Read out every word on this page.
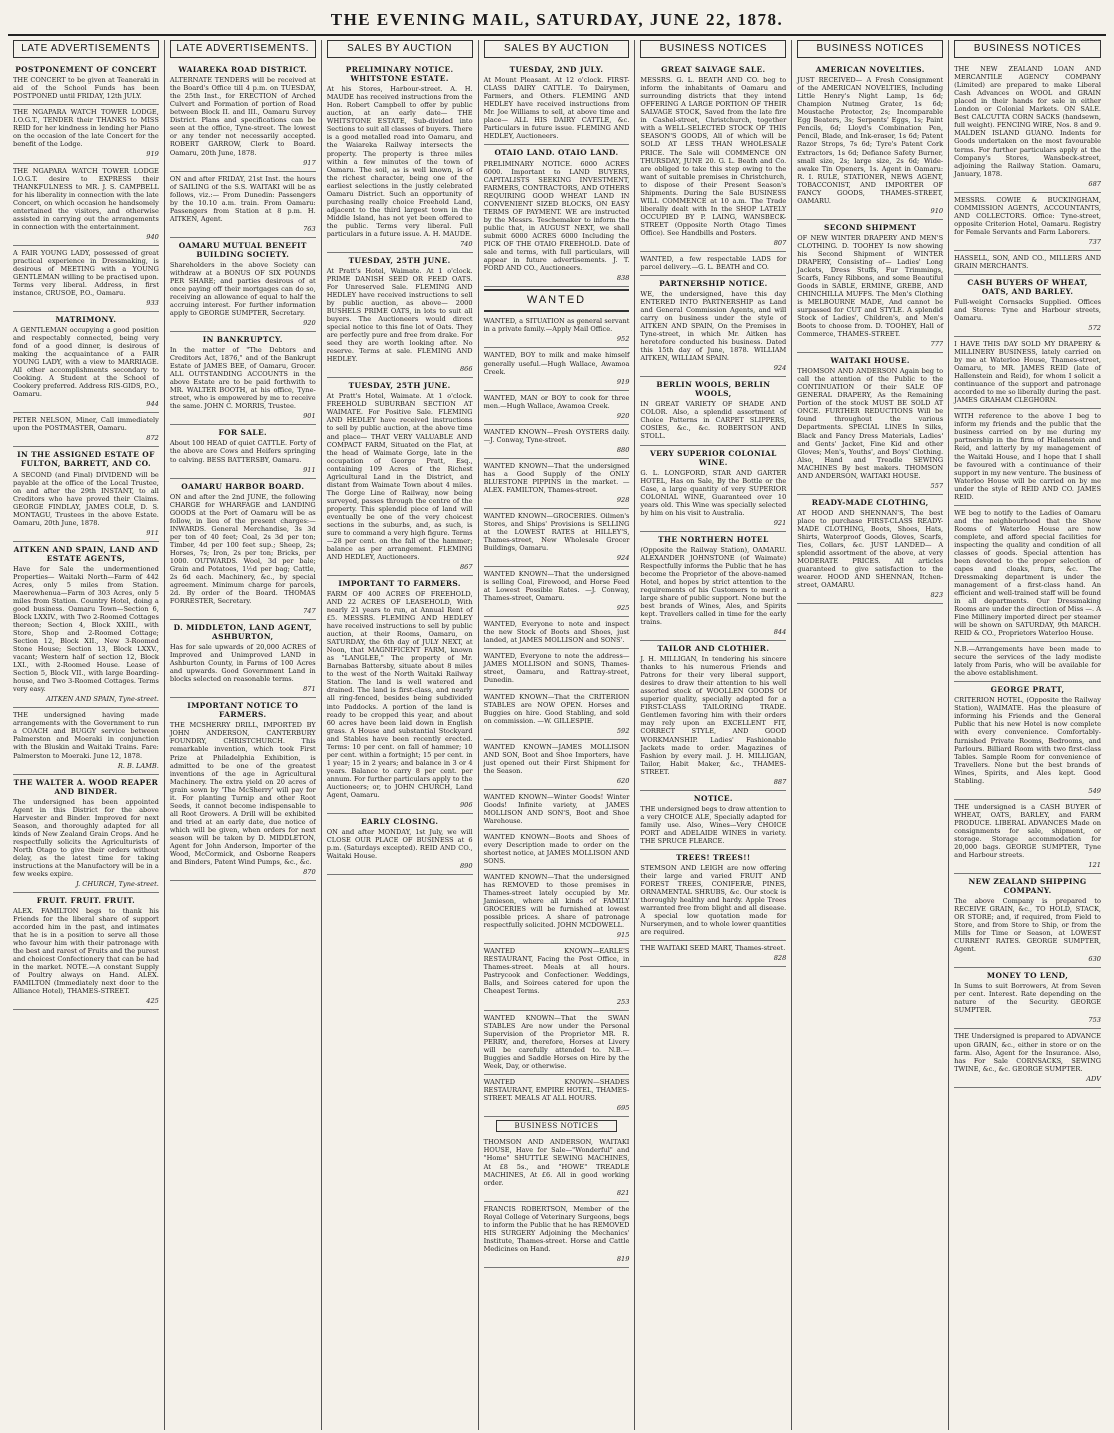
THE EVENING MAIL, SATURDAY, JUNE 22, 1878.
LATE ADVERTISEMENTS
POSTPONEMENT OF CONCERT
THE CONCERT to be given at Teaneraki in aid of the School Funds has been POSTPONED until FRIDAY, 12th JULY.
THE NGAPARA WATCH TOWER LODGE, I.O.G.T., TENDER their THANKS to MISS REID for her kindness in lending her Piano on the occasion of the late Concert for the benefit of the Lodge.
919
THE NGAPARA WATCH TOWER LODGE I.O.G.T. desire to EXPRESS their THANKFULNESS to MR. J. S. CAMPBELL for his liberality in connection with the late Concert, on which occasion he handsomely entertained the visitors, and otherwise assisted in carrying out the arrangements in connection with the entertainment.
940
A FAIR YOUNG LADY, possessed of great practical experience in Dressmaking, is desirous of MEETING with a YOUNG GENTLEMAN willing to be practised upon. Terms very liberal. Address, in first instance, CRUSOE, P.O., Oamaru.
933
MATRIMONY.
A GENTLEMAN occupying a good position and respectably connected, being very fond of a good dinner, is desirous of making the acquaintance of a FAIR YOUNG LADY, with a view to MARRIAGE. All other accomplishments secondary to Cooking. A Student at the School of Cookery preferred. Address RIS-GIDS, P.O., Oamaru.
944
PETER NELSON, Miner, Call immediately upon the POSTMASTER, Oamaru.
872
IN THE ASSIGNED ESTATE OF FULTON, BARRETT, AND CO.
A SECOND (and Final) DIVIDEND will be payable at the office of the Local Trustee, on and after the 29th INSTANT, to all Creditors who have proved their Claims. GEORGE FINDLAY, JAMES COLE, D. S. MONTAGU, Trustees in the above Estate. Oamaru, 20th June, 1878.
911
AITKEN AND SPAIN, LAND AND ESTATE AGENTS,
Have for Sale the undermentioned Properties— Waitaki North—Farm of 442 Acres, only 5 miles from Station. Maerewhenua—Farm of 303 Acres, only 5 miles from Station. Country Hotel, doing a good business. Oamaru Town—Section 6, Block LXXIV., with Two 2-Roomed Cottages thereon; Section 4, Block XXIII., with Store, Shop and 2-Roomed Cottage; Section 12, Block XII., New 3-Roomed Stone House; Section 13, Block LXXV., vacant; Western half of section 12, Block LXI., with 2-Roomed House. Lease of Section 5, Block VII., with large Boarding-house, and Two 3-Roomed Cottages. Terms very easy.
AITKEN AND SPAIN, Tyne-street.
THE undersigned having made arrangements with the Government to run a COACH and BUGGY service between Palmerston and Moeraki in conjunction with the Bluskin and Waitaki Trains. Fare: Palmerston to Moeraki. June 12, 1878.
R. B. LAMB.
THE WALTER A. WOOD REAPER AND BINDER.
The undersigned has been appointed Agent in this District for the above Harvester and Binder. Improved for next Season, and thoroughly adapted for all kinds of New Zealand Grain Crops. And he respectfully solicits the Agriculturists of North Otago to give their orders without delay, as the latest time for taking instructions at the Manufactory will be in a few weeks expire.
J. CHURCH, Tyne-street.
FRUIT. FRUIT. FRUIT.
ALEX. FAMILTON begs to thank his Friends for the liberal share of support accorded him in the past, and intimates that he is in a position to serve all those who favour him with their patronage with the best and rarest of Fruits and the purest and choicest Confectionery that can be had in the market. NOTE.—A constant Supply of Poultry always on Hand. ALEX. FAMILTON (Immediately next door to the Alliance Hotel), THAMES-STREET.
425
LATE ADVERTISEMENTS.
WAIAREKA ROAD DISTRICT.
ALTERNATE TENDERS will be received at the Board's Office till 4 p.m. on TUESDAY, the 25th Inst., for ERECTION of Arched Culvert and Formation of portion of Road between Block II. and III., Oamaru Survey District. Plans and specifications can be seen at the office, Tyne-street. The lowest or any tender not necessarily accepted. ROBERT GARROW, Clerk to Board. Oamaru, 20th June, 1878.
917
ON and after FRIDAY, 21st Inst. the hours of SAILING of the S.S. WAITAKI will be as follows, viz.:— From Dunedin: Passengers by the 10.10 a.m. train. From Oamaru: Passengers from Station at 8 p.m. H. AITKEN, Agent.
763
OAMARU MUTUAL BENEFIT BUILDING SOCIETY.
Shareholders in the above Society can withdraw at a BONUS OF SIX POUNDS PER SHARE; and parties desirous of at once paying off their mortgages can do so, receiving an allowance of equal to half the accruing interest. For further information apply to GEORGE SUMPTER, Secretary.
920
IN BANKRUPTCY.
In the matter of "The Debtors and Creditors Act, 1876," and of the Bankrupt Estate of JAMES BEE, of Oamaru, Grocer. ALL OUTSTANDING ACCOUNTS in the above Estate are to be paid forthwith to MR. WALTER BOOTH, at his office, Tyne-street, who is empowered by me to receive the same. JOHN C. MORRIS, Trustee.
901
FOR SALE.
About 100 HEAD of quiet CATTLE. Forty of the above are Cows and Heifers springing to calving. BESS BATTERSBY, Oamaru.
911
OAMARU HARBOR BOARD.
ON and after the 2nd JUNE, the following CHARGE for WHARFAGE and LANDING GOODS at the Port of Oamaru will be as follow, in lieu of the present charges:— INWARDS. General Merchandise, 3s 3d per ton of 40 feet; Coal, 2s 3d per ton; Timber, 4d per 100 feet sup.; Sheep, 2s; Horses, 7s; Iron, 2s per ton; Bricks, per 1000. OUTWARDS. Wool, 3d per bale; Grain and Potatoes, 1½d per bag; Cattle, 2s 6d each. Machinery, &c., by special agreement. Minimum charge for parcels, 2d. By order of the Board. THOMAS FORRESTER, Secretary.
747
D. MIDDLETON, LAND AGENT, ASHBURTON,
Has for sale upwards of 20,000 ACRES of Improved and Unimproved LAND in Ashburton County, in Farms of 100 Acres and upwards. Good Government Land in blocks selected on reasonable terms.
871
IMPORTANT NOTICE TO FARMERS.
THE MCSHERRY DRILL, IMPORTED BY JOHN ANDERSON, CANTERBURY FOUNDRY, CHRISTCHURCH. This remarkable invention, which took First Prize at Philadelphia Exhibition, is admitted to be one of the greatest inventions of the age in Agricultural Machinery. The extra yield on 20 acres of grain sown by 'The McSherry' will pay for it. For planting Turnip and other Root Seeds, it cannot become indispensable to all Root Growers. A Drill will be exhibited and tried at an early date, due notice of which will be given, when orders for next season will be taken by D. MIDDLETON, Agent for John Anderson, Importer of the Wood, McCormick, and Osborne Reapers and Binders, Patent Wind Pumps, &c., &c.
870
SALES BY AUCTION
PRELIMINARY NOTICE. WHITSTONE ESTATE.
At his Stores, Harbour-street. A. H. MAUDE has received instructions from the Hon. Robert Campbell to offer by public auction, at an early date— THE WHITSTONE ESTATE, Sub-divided into Sections to suit all classes of buyers. There is a good metalled road into Oamaru, and the Waiareka Railway intersects the property. The property is three miles within a few minutes of the town of Oamaru. The soil, as is well known, is of the richest character, being one of the earliest selections in the justly celebrated Oamaru District. Such an opportunity of purchasing really choice Freehold Land, adjacent to the third largest town in the Middle Island, has not yet been offered to the public. Terms very liberal. Full particulars in a future issue. A. H. MAUDE.
740
TUESDAY, 25TH JUNE.
At Pratt's Hotel, Waimate. At 1 o'clock. PRIME DANISH SEED OR FEED OATS. For Unreserved Sale. FLEMING AND HEDLEY have received instructions to sell by public auction, as above— 2000 BUSHELS PRIME OATS, in lots to suit all buyers. The Auctioneers would direct special notice to this fine lot of Oats. They are perfectly pure and free from drake. For seed they are worth looking after. No reserve. Terms at sale. FLEMING AND HEDLEY.
866
TUESDAY, 25TH JUNE.
At Pratt's Hotel, Waimate. At 1 o'clock. FREEHOLD SUBURBAN SECTION AT WAIMATE. For Positive Sale. FLEMING AND HEDLEY have received instructions to sell by public auction, at the above time and place— THAT VERY VALUABLE AND COMPACT FARM, Situated on the Flat, at the head of Waimate Gorge, late in the occupation of George Pratt, Esq., containing 109 Acres of the Richest Agricultural Land in the District, and distant from Waimate Town about 4 miles. The Gorge Line of Railway, now being surveyed, passes through the centre of the property. This splendid piece of land will eventually be one of the very choicest sections in the suburbs, and, as such, is sure to command a very high figure. Terms—28 per cent. on the fall of the hammer; balance as per arrangement. FLEMING AND HEDLEY, Auctioneers.
867
IMPORTANT TO FARMERS.
FARM OF 400 ACRES OF FREEHOLD, AND 22 ACRES OF LEASEHOLD, With nearly 21 years to run, at Annual Rent of £5. MESSRS. FLEMING AND HEDLEY have received instructions to sell by public auction, at their Rooms, Oamaru, on SATURDAY, the 6th day of JULY NEXT, at Noon, that MAGNIFICENT FARM, known as "LANGLEE," The property of Mr. Barnabas Battersby, situate about 8 miles to the west of the North Waitaki Railway Station. The land is well watered and drained. The land is first-class, and nearly all ring-fenced, besides being subdivided into Paddocks. A portion of the land is ready to be cropped this year, and about 60 acres have been laid down in English grass. A House and substantial Stockyard and Stables have been recently erected. Terms: 10 per cent. on fall of hammer; 10 per cent. within a fortnight; 15 per cent. in 1 year; 15 in 2 years; and balance in 3 or 4 years. Balance to carry 8 per cent. per annum. For further particulars apply to the Auctioneers; or, to JOHN CHURCH, Land Agent, Oamaru.
906
EARLY CLOSING.
ON and after MONDAY, 1st July, we will CLOSE OUR PLACE OF BUSINESS at 6 p.m. (Saturdays excepted). REID AND CO., Waitaki House.
890
SALES BY AUCTION
TUESDAY, 2ND JULY.
At Mount Pleasant. At 12 o'clock. FIRST-CLASS DAIRY CATTLE. To Dairymen, Farmers, and Others. FLEMING AND HEDLEY have received instructions from Mr. Joe Williams to sell, at above time and place— ALL HIS DAIRY CATTLE, &c. Particulars in future issue. FLEMING AND HEDLEY, Auctioneers.
OTAIO LAND. OTAIO LAND.
PRELIMINARY NOTICE. 6000 ACRES 6000. Important to LAND BUYERS, CAPITALISTS SEEKING INVESTMENT, FARMERS, CONTRACTORS, AND OTHERS REQUIRING GOOD WHEAT LAND IN CONVENIENT SIZED BLOCKS, ON EASY TERMS OF PAYMENT. WE are instructed by the Messrs. Teschemaker to inform the public that, in AUGUST NEXT, we shall submit 6000 ACRES 6000 Including the PICK OF THE OTAIO FREEHOLD. Date of sale and terms, with full particulars, will appear in future advertisements. J. T. FORD AND CO., Auctioneers.
838
WANTED
WANTED, a SITUATION as general servant in a private family.—Apply Mail Office.
952
WANTED, BOY to milk and make himself generally useful.—Hugh Wallace, Awamoa Creek.
919
WANTED, MAN or BOY to cook for three men.—Hugh Wallace, Awamoa Creek.
920
WANTED KNOWN—Fresh OYSTERS daily.—J. Conway, Tyne-street.
880
WANTED KNOWN—That the undersigned has a Good Supply of the ONLY BLUESTONE PIPPINS in the market. —ALEX. FAMILTON, Thames-street.
928
WANTED KNOWN—GROCERIES. Oilmen's Stores, and Ships' Provisions is SELLING at the LOWEST RATES at HILLEY'S, Thames-street, New Wholesale Grocer Buildings, Oamaru.
924
WANTED KNOWN—That the undersigned is selling Coal, Firewood, and Horse Feed at Lowest Possible Rates. —J. Conway, Thames-street, Oamaru.
925
WANTED, Everyone to note and inspect the new Stock of Boots and Shoes, just landed, at JAMES MOLLISON and SONS'.
WANTED, Everyone to note the address—JAMES MOLLISON and SONS, Thames-street, Oamaru, and Rattray-street, Dunedin.
WANTED KNOWN—That the CRITERION STABLES are NOW OPEN. Horses and Buggies on hire. Good Stabling, and sold on commission. —W. GILLESPIE.
592
WANTED KNOWN—JAMES MOLLISON AND SON, Boot and Shoe Importers, have just opened out their First Shipment for the Season.
620
WANTED KNOWN—Winter Goods! Winter Goods! Infinite variety, at JAMES MOLLISON AND SON'S, Boot and Shoe Warehouse.
WANTED KNOWN—Boots and Shoes of every Description made to order on the shortest notice, at JAMES MOLLISON AND SONS.
WANTED KNOWN—That the undersigned has REMOVED to those premises in Thames-street lately occupied by Mr. Jamieson, where all kinds of FAMILY GROCERIES will be furnished at lowest possible prices. A share of patronage respectfully solicited. JOHN MCDOWELL.
915
WANTED KNOWN—EARLE'S RESTAURANT, Facing the Post Office, in Thames-street. Meals at all hours. Pastrycook and Confectioner. Weddings, Balls, and Soirees catered for upon the Cheapest Terms.
253
WANTED KNOWN—That the SWAN STABLES Are now under the Personal Supervision of the Proprietor MR. R. PERRY, and, therefore, Horses at Livery will be carefully attended to. N.B.—Buggies and Saddle Horses on Hire by the Week, Day, or otherwise.
WANTED KNOWN—SHADES RESTAURANT, EMPIRE HOTEL, THAMES-STREET. MEALS AT ALL HOURS.
695
BUSINESS NOTICES
THOMSON AND ANDERSON, WAITAKI HOUSE, Have for Sale—"Wonderful" and "Home" SHUTTLE SEWING MACHINES, At £8 5s., and "HOWE" TREADLE MACHINES, At £6. All in good working order.
821
FRANCIS ROBERTSON, Member of the Royal College of Veterinary Surgeons, begs to inform the Public that he has REMOVED HIS SURGERY Adjoining the Mechanics' Institute, Thames-street. Horse and Cattle Medicines on Hand.
819
BUSINESS NOTICES
GREAT SALVAGE SALE.
MESSRS. G. L. BEATH AND CO. beg to inform the inhabitants of Oamaru and surrounding districts that they intend OFFERING A LARGE PORTION OF THEIR SALVAGE STOCK, Saved from the late fire in Cashel-street, Christchurch, together with a WELL-SELECTED STOCK OF THIS SEASON'S GOODS, All of which will be SOLD AT LESS THAN WHOLESALE PRICE. The Sale will COMMENCE ON THURSDAY, JUNE 20. G. L. Beath and Co. are obliged to take this step owing to the want of suitable premises in Christchurch, to dispose of their Present Season's Shipments. During the Sale BUSINESS WILL COMMENCE at 10 a.m. The Trade liberally dealt with In the SHOP LATELY OCCUPIED BY P. LAING, WANSBECK-STREET (Opposite North Otago Times Office). See Handbills and Posters.
807
WANTED, a few respectable LADS for parcel delivery.—G. L. BEATH and CO.
PARTNERSHIP NOTICE.
WE, the undersigned, have this day ENTERED INTO PARTNERSHIP as Land and General Commission Agents, and will carry on business under the style of AITKEN AND SPAIN, On the Premises in Tyne-street, in which Mr. Aitken has heretofore conducted his business. Dated this 15th day of June, 1878. WILLIAM AITKEN, WILLIAM SPAIN.
924
BERLIN WOOLS, BERLIN WOOLS,
IN GREAT VARIETY OF SHADE AND COLOR. Also, a splendid assortment of Choice Patterns in CARPET SLIPPERS, COSIES, &c., &c. ROBERTSON AND STOLL.
VERY SUPERIOR COLONIAL WINE.
G. L. LONGFORD, STAR AND GARTER HOTEL, Has on Sale, By the Bottle or the Case, a large quantity of very SUPERIOR COLONIAL WINE, Guaranteed over 10 years old. This Wine was specially selected by him on his visit to Australia.
921
THE NORTHERN HOTEL
(Opposite the Railway Station), OAMARU. ALEXANDER JOHNSTONE (of Waimate) Respectfully informs the Public that he has become the Proprietor of the above-named Hotel, and hopes by strict attention to the requirements of his Customers to merit a large share of public support. None but the best brands of Wines, Ales, and Spirits kept. Travellers called in time for the early trains.
844
TAILOR AND CLOTHIER.
J. H. MILLIGAN, In tendering his sincere thanks to his numerous Friends and Patrons for their very liberal support, desires to draw their attention to his well assorted stock of WOOLLEN GOODS Of superior quality, specially adapted for a FIRST-CLASS TAILORING TRADE. Gentlemen favoring him with their orders may rely upon an EXCELLENT FIT, CORRECT STYLE, AND GOOD WORKMANSHIP. Ladies' Fashionable Jackets made to order. Magazines of Fashion by every mail. J. H. MILLIGAN, Tailor, Habit Maker, &c., THAMES-STREET.
887
NOTICE.
THE undersigned begs to draw attention to a very CHOICE ALE, Specially adapted for family use. Also, Wines—Very CHOICE PORT and ADELAIDE WINES in variety. THE SPRUCE FLEARCE.
TREES! TREES!!
STEMSON AND LEIGH are now offering their large and varied FRUIT AND FOREST TREES, CONIFERÆ, PINES, ORNAMENTAL SHRUBS, &c. Our stock is thoroughly healthy and hardy. Apple Trees warranted free from blight and all disease. A special low quotation made for Nurserymen, and to whole lower quantities are required.
THE WAITAKI SEED MART, Thames-street.
828
BUSINESS NOTICES
AMERICAN NOVELTIES.
JUST RECEIVED— A Fresh Consignment of the AMERICAN NOVELTIES, Including Little Henry's Night Lamp, 1s 6d; Champion Nutmeg Grater, 1s 6d; Moustache Protector, 2s; Incomparable Egg Beaters, 3s; Serpents' Eggs, 1s; Paint Pencils, 6d; Lloyd's Combination Pen, Pencil, Blade, and Ink-eraser, 1s 6d; Patent Razor Strops, 7s 6d; Tyre's Patent Cork Extractors, 1s 6d; Defiance Safety Burner, small size, 2s; large size, 2s 6d; Wide-awake Tin Openers, 1s. Agent in Oamaru: R. I. RULE, STATIONER, NEWS AGENT, TOBACCONIST, AND IMPORTER OF FANCY GOODS, THAMES-STREET, OAMARU.
910
SECOND SHIPMENT
OF NEW WINTER DRAPERY AND MEN'S CLOTHING. D. TOOHEY Is now showing his Second Shipment of WINTER DRAPERY, Consisting of— Ladies' Long Jackets, Dress Stuffs, Fur Trimmings, Scarfs, Fancy Ribbons, and some Beautiful Goods in SABLE, ERMINE, GREBE, AND CHINCHILLA MUFFS. The Men's Clothing is MELBOURNE MADE, And cannot be surpassed for CUT and STYLE. A splendid Stock of Ladies', Children's, and Men's Boots to choose from. D. TOOHEY, Hall of Commerce, THAMES-STREET.
777
WAITAKI HOUSE.
THOMSON AND ANDERSON Again beg to call the attention of the Public to the CONTINUATION Of their SALE OF GENERAL DRAPERY, As the Remaining Portion of the stock MUST BE SOLD AT ONCE. FURTHER REDUCTIONS Will be found throughout the various Departments. SPECIAL LINES In Silks, Black and Fancy Dress Materials, Ladies' and Gents' Jacket, Fine Kid and other Gloves; Men's, Youths', and Boys' Clothing. Also, Hand and Treadle SEWING MACHINES By best makers. THOMSON AND ANDERSON, WAITAKI HOUSE.
557
READY-MADE CLOTHING,
AT HOOD AND SHENNAN'S, The best place to purchase FIRST-CLASS READY-MADE CLOTHING, Boots, Shoes, Hats, Shirts, Waterproof Goods, Gloves, Scarfs, Ties, Collars, &c. JUST LANDED— A splendid assortment of the above, at very MODERATE PRICES. All articles guaranteed to give satisfaction to the wearer. HOOD AND SHENNAN, Itchen-street, OAMARU.
823
BUSINESS NOTICES
THE NEW ZEALAND LOAN AND MERCANTILE AGENCY COMPANY (Limited) are prepared to make Liberal Cash Advances on WOOL and GRAIN placed in their hands for sale in either London or Colonial Markets. ON SALE. Best CALCUTTA CORN SACKS (handsewn, full weight). FENCING WIRE, Nos. 8 and 9. MALDEN ISLAND GUANO. Indents for Goods undertaken on the most favourable terms. For further particulars apply at the Company's Stores, Wansbeck-street, adjoining the Railway Station. Oamaru, January, 1878.
687
MESSRS. COWIE & BUCKINGHAM, COMMISSION AGENTS, ACCOUNTANTS, AND COLLECTORS. Office: Tyne-street, opposite Criterion Hotel, Oamaru. Registry for Female Servants and Farm Laborers.
737
HASSELL, SON, AND CO., MILLERS AND GRAIN MERCHANTS.
CASH BUYERS OF WHEAT, OATS, AND BARLEY.
Full-weight Cornsacks Supplied. Offices and Stores: Tyne and Harbour streets, Oamaru.
572
I HAVE THIS DAY SOLD MY DRAPERY & MILLINERY BUSINESS, lately carried on by me at Waterloo House, Thames-street, Oamaru, to MR. JAMES REID (late of Hallenstein and Reid), for whom I solicit a continuance of the support and patronage accorded to me so liberally during the past. JAMES GRAHAM CLEGHORN.
WITH reference to the above I beg to inform my friends and the public that the business carried on by me during my partnership in the firm of Hallenstein and Reid, and latterly by my management of the Waitaki House, and I hope that I shall be favoured with a continuance of their support in my new venture. The business of Waterloo House will be carried on by me under the style of REID AND CO. JAMES REID.
WE beg to notify to the Ladies of Oamaru and the neighbourhood that the Show Rooms of Waterloo House are now complete, and afford special facilities for inspecting the quality and condition of all classes of goods. Special attention has been devoted to the proper selection of capes and cloaks, furs, &c. The Dressmaking department is under the management of a first-class hand. An efficient and well-trained staff will be found in all departments. Our Dressmaking Rooms are under the direction of Miss —. A Fine Millinery imported direct per steamer will be shown on SATURDAY, 9th MARCH. REID & CO., Proprietors Waterloo House.
N.B.—Arrangements have been made to secure the services of the lady modiste lately from Paris, who will be available for the above establishment.
GEORGE PRATT,
CRITERION HOTEL, (Opposite the Railway Station), WAIMATE. Has the pleasure of informing his Friends and the General Public that his new Hotel is now complete with every convenience. Comfortably-furnished Private Rooms, Bedrooms, and Parlours. Billiard Room with two first-class Tables. Sample Room for convenience of Travellers. None but the best brands of Wines, Spirits, and Ales kept. Good Stabling.
549
THE undersigned is a CASH BUYER of WHEAT, OATS, BARLEY, and FARM PRODUCE. LIBERAL ADVANCES Made on consignments for sale, shipment, or storage. Storage accommodation for 20,000 bags. GEORGE SUMPTER, Tyne and Harbour streets.
121
NEW ZEALAND SHIPPING COMPANY.
The above Company is prepared to RECEIVE GRAIN, &c., TO HOLD, STACK, OR STORE; and, if required, from Field to Store, and from Store to Ship, or from the Mills for Time or Season, at LOWEST CURRENT RATES. GEORGE SUMPTER, Agent.
630
MONEY TO LEND,
In Sums to suit Borrowers, At from Seven per cent. Interest. Rate depending on the nature of the Security. GEORGE SUMPTER.
753
THE Undersigned is prepared to ADVANCE upon GRAIN, &c., either in store or on the farm. Also, Agent for the Insurance. Also, has For Sale CORNSACKS, SEWING TWINE, &c., &c. GEORGE SUMPTER.
ADV
